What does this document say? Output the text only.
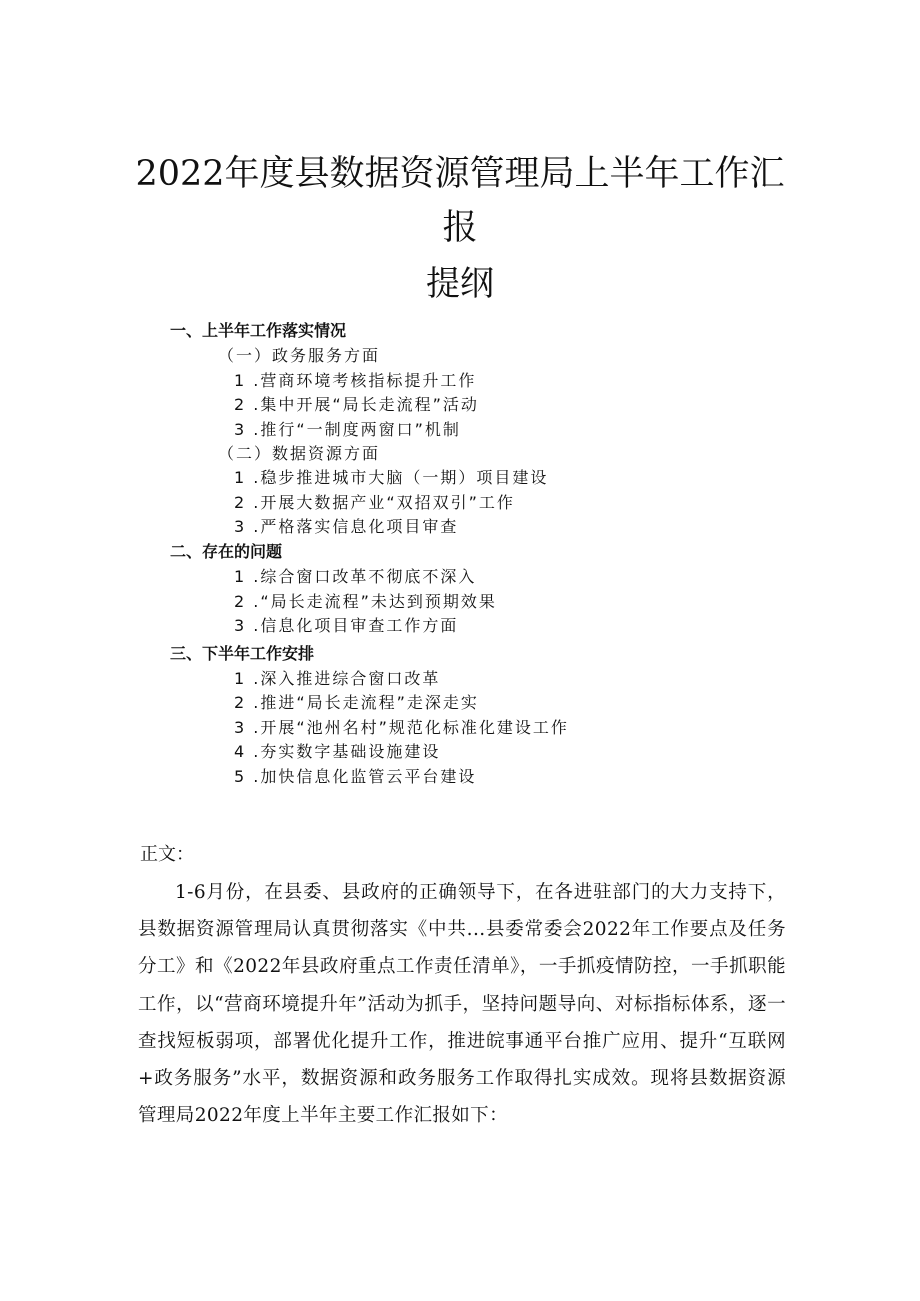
2022年度县数据资源管理局上半年工作汇
报
提纲
一、上半年工作落实情况
（一）政务服务方面
1 .营商环境考核指标提升工作
2 .集中开展“局长走流程”活动
3 .推行“一制度两窗口”机制
（二）数据资源方面
1 .稳步推进城市大脑（一期）项目建设
2 .开展大数据产业“双招双引”工作
3 .严格落实信息化项目审查
二、存在的问题
1 .综合窗口改革不彻底不深入
2 .“局长走流程”未达到预期效果
3 .信息化项目审查工作方面
三、下半年工作安排
1 .深入推进综合窗口改革
2 .推进“局长走流程”走深走实
3 .开展“池州名村”规范化标准化建设工作
4 .夯实数字基础设施建设
5 .加快信息化监管云平台建设
正文：
1-6月份，在县委、县政府的正确领导下，在各进驻部门的大力支持下，县数据资源管理局认真贯彻落实《中共...县委常委会2022年工作要点及任务分工》和《2022年县政府重点工作责任清单》，一手抓疫情防控，一手抓职能工作，以“营商环境提升年”活动为抓手，坚持问题导向、对标指标体系，逐一查找短板弱项，部署优化提升工作，推进皖事通平台推广应用、提升“互联网+政务服务”水平，数据资源和政务服务工作取得扎实成效。现将县数据资源管理局2022年度上半年主要工作汇报如下：
